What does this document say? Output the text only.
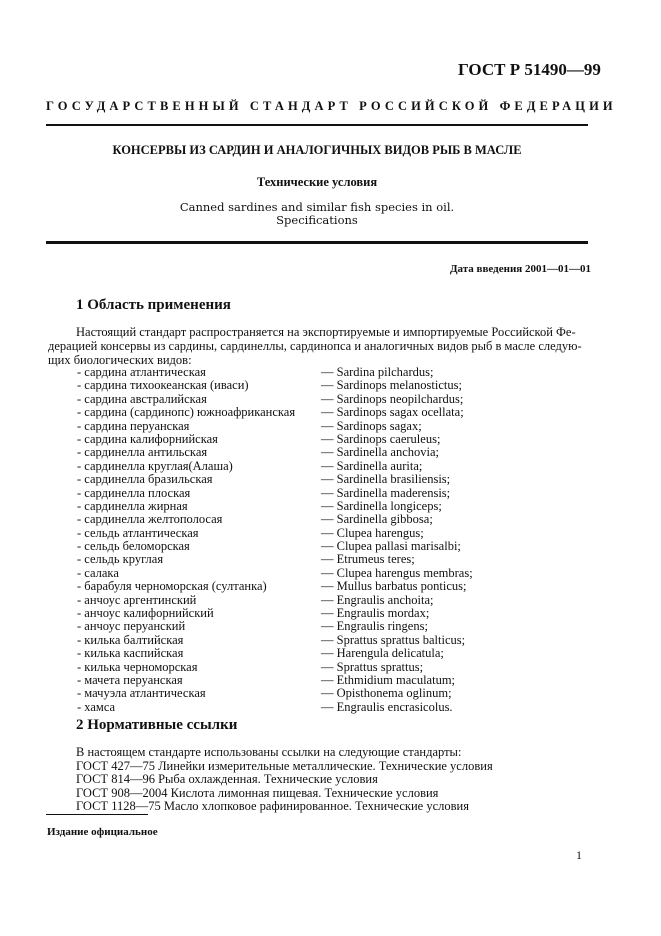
ГОСТ Р 51490—99
ГОСУДАРСТВЕННЫЙ СТАНДАРТ РОССИЙСКОЙ ФЕДЕРАЦИИ
КОНСЕРВЫ ИЗ САРДИН И АНАЛОГИЧНЫХ ВИДОВ РЫБ В МАСЛЕ
Технические условия
Canned sardines and similar fish species in oil.
Specifications
Дата введения 2001—01—01
1 Область применения
Настоящий стандарт распространяется на экспортируемые и импортируемые Российской Фе-
дерацией консервы из сардины, сардинеллы, сардинопса и аналогичных видов рыб в масле следую-
щих биологических видов:
- сардина атлантическая	— Sardina pilchardus;
- сардина тихоокеанская (иваси)	— Sardinops melanostictus;
- сардина австралийская	— Sardinops neopilchardus;
- сардина (сардинопс) южноафриканская	— Sardinops sagax ocellata;
- сардина перуанская	— Sardinops sagax;
- сардина калифорнийская	— Sardinops caeruleus;
- сардинелла антильская	— Sardinella anchovia;
- сардинелла круглая(Алаша)	— Sardinella aurita;
- сардинелла бразильская	— Sardinella brasiliensis;
- сардинелла плоская	— Sardinella maderensis;
- сардинелла жирная	— Sardinella longiceps;
- сардинелла желтополосая	— Sardinella gibbosa;
- сельдь атлантическая	— Clupea harengus;
- сельдь беломорская	— Clupea pallasi marisalbi;
- сельдь круглая	— Etrumeus teres;
- салака	— Clupea harengus membras;
- барабуля черноморская (султанка)	— Mullus barbatus ponticus;
- анчоус аргентинский	— Engraulis anchoita;
- анчоус калифорнийский	— Engraulis mordax;
- анчоус перуанский	— Engraulis ringens;
- килька балтийская	— Sprattus sprattus balticus;
- килька каспийская	— Harengula delicatula;
- килька черноморская	— Sprattus sprattus;
- мачета перуанская	— Ethmidium maculatum;
- мачуэла атлантическая	— Opisthonema oglinum;
- хамса	— Engraulis encrasicolus.
2 Нормативные ссылки
В настоящем стандарте использованы ссылки на следующие стандарты:
ГОСТ 427—75 Линейки измерительные металлические. Технические условия
ГОСТ 814—96 Рыба охлажденная. Технические условия
ГОСТ 908—2004 Кислота лимонная пищевая. Технические условия
ГОСТ 1128—75 Масло хлопковое рафинированное. Технические условия
Издание официальное
1
